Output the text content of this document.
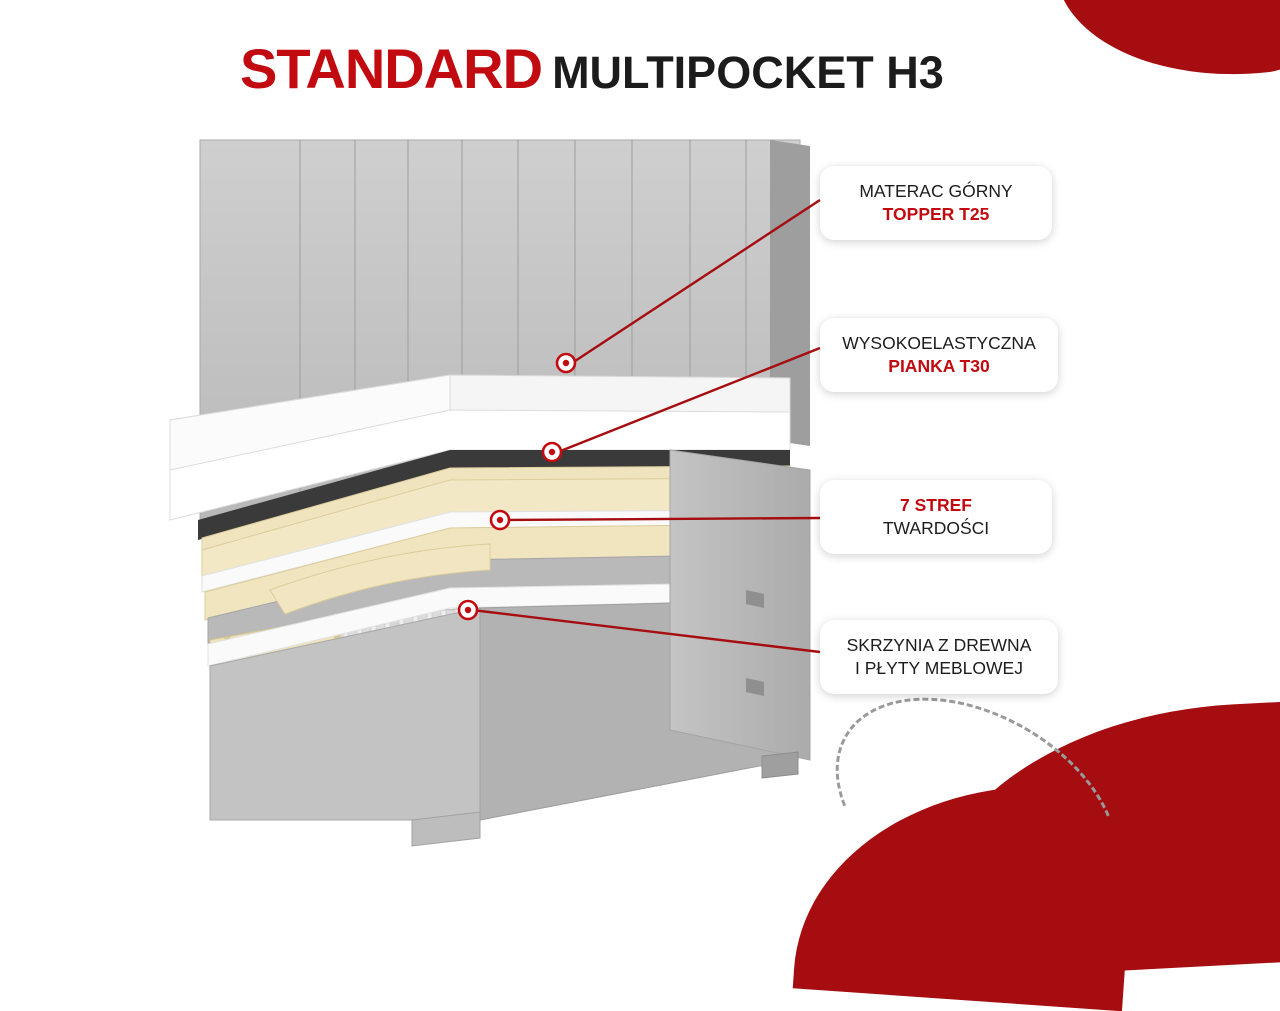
STANDARD MULTIPOCKET H3
MATERAC GÓRNY
TOPPER T25
WYSOKOELASTYCZNA
PIANKA T30
7 STREF
TWARDOŚCI
SKRZYNIA Z DREWNA
I PŁYTY MEBLOWEJ
